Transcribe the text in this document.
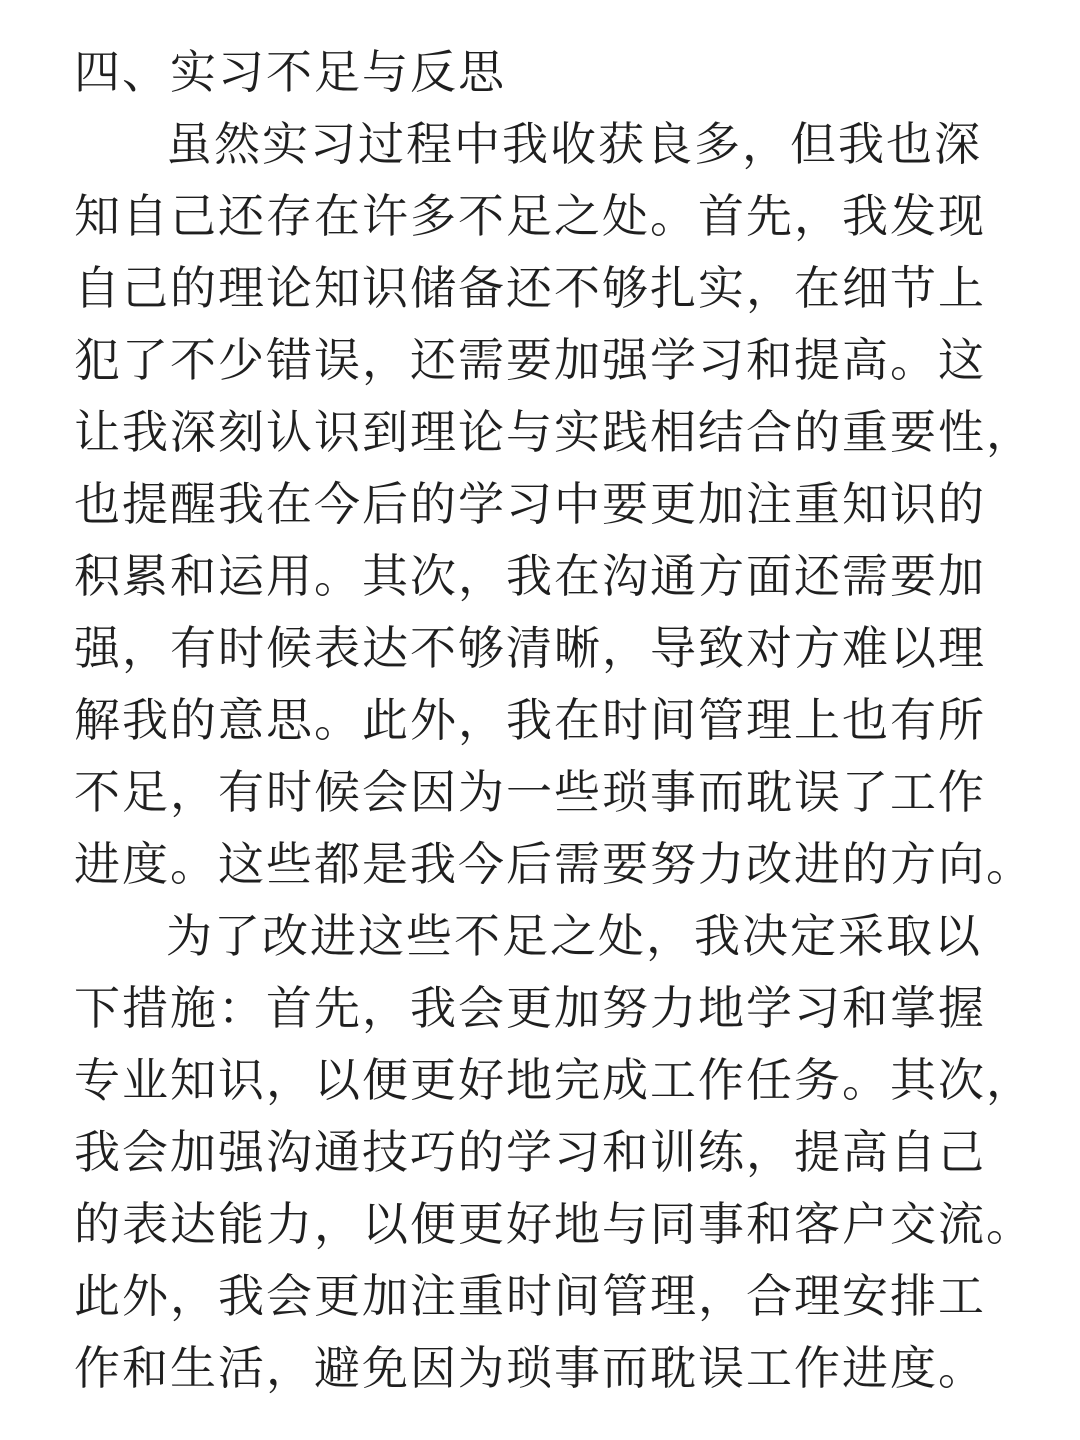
四、实习不足与反思
虽然实习过程中我收获良多，但我也深
知自己还存在许多不足之处。首先，我发现
自己的理论知识储备还不够扎实，在细节上
犯了不少错误，还需要加强学习和提高。这
让我深刻认识到理论与实践相结合的重要性，
也提醒我在今后的学习中要更加注重知识的
积累和运用。其次，我在沟通方面还需要加
强，有时候表达不够清晰，导致对方难以理
解我的意思。此外，我在时间管理上也有所
不足，有时候会因为一些琐事而耽误了工作
进度。这些都是我今后需要努力改进的方向。
为了改进这些不足之处，我决定采取以
下措施：首先，我会更加努力地学习和掌握
专业知识，以便更好地完成工作任务。其次，
我会加强沟通技巧的学习和训练，提高自己
的表达能力，以便更好地与同事和客户交流。
此外，我会更加注重时间管理，合理安排工
作和生活，避免因为琐事而耽误工作进度。
